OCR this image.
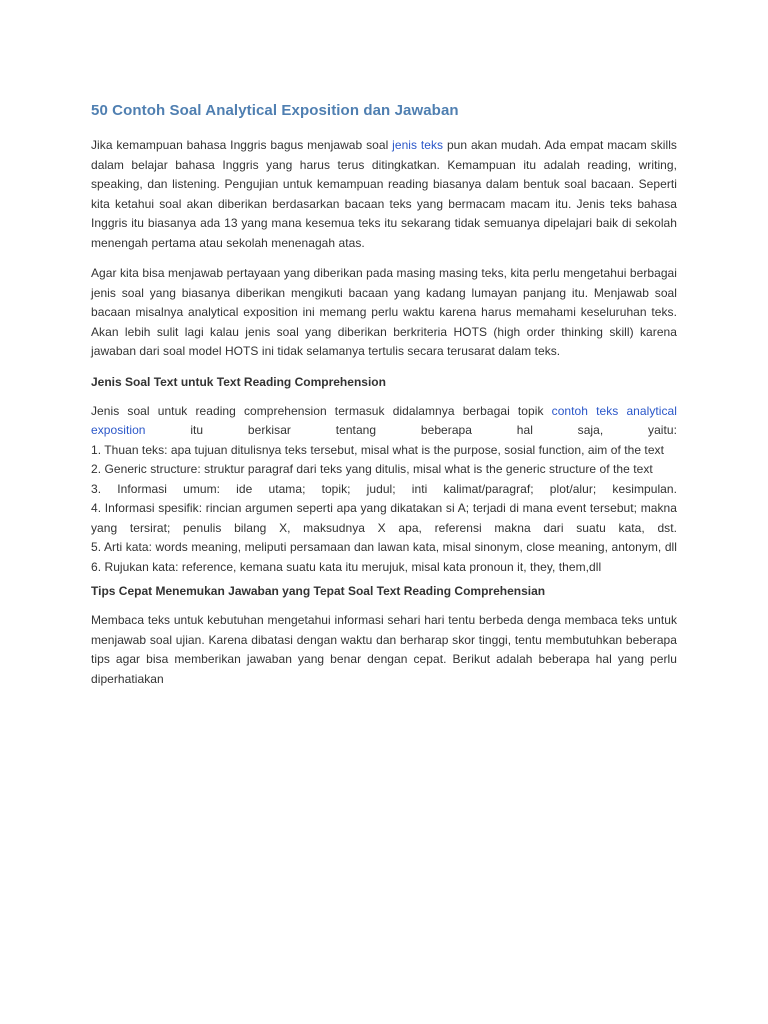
50 Contoh Soal Analytical Exposition dan Jawaban

Jika kemampuan bahasa Inggris bagus menjawab soal jenis teks pun akan mudah. Ada empat macam skills dalam belajar bahasa Inggris yang harus terus ditingkatkan. Kemampuan itu adalah reading, writing, speaking, dan listening. Pengujian untuk kemampuan reading biasanya dalam bentuk soal bacaan. Seperti kita ketahui soal akan diberikan berdasarkan bacaan teks yang bermacam macam itu. Jenis teks bahasa Inggris itu biasanya ada 13 yang mana kesemua teks itu sekarang tidak semuanya dipelajari baik di sekolah menengah pertama atau sekolah menenagah atas.

Agar kita bisa menjawab pertayaan yang diberikan pada masing masing teks, kita perlu mengetahui berbagai jenis soal yang biasanya diberikan mengikuti bacaan yang kadang lumayan panjang itu. Menjawab soal bacaan misalnya analytical exposition ini memang perlu waktu karena harus memahami keseluruhan teks. Akan lebih sulit lagi kalau jenis soal yang diberikan berkriteria HOTS (high order thinking skill) karena jawaban dari soal model HOTS ini tidak selamanya tertulis secara terusarat dalam teks.

Jenis Soal Text untuk Text Reading Comprehension

Jenis soal untuk reading comprehension termasuk didalamnya berbagai topik contoh teks analytical exposition	itu berkisar tentang beberapa hal saja, yaitu:

1. Thuan teks: apa tujuan ditulisnya teks tersebut, misal what is the purpose, sosial function, aim of the text

2. Generic structure: struktur paragraf dari teks yang ditulis, misal what is the generic structure of the text

3. Informasi umum: ide utama; topik; judul; inti kalimat/paragraf; plot/alur; kesimpulan.

4. Informasi spesifik: rincian argumen seperti apa yang dikatakan si A; terjadi di mana event tersebut; makna yang tersirat; penulis bilang X, maksudnya X apa, referensi makna dari suatu kata, dst.

5. Arti kata: words meaning, meliputi persamaan dan lawan kata, misal sinonym, close meaning, antonym, dll

6. Rujukan kata: reference, kemana suatu kata itu merujuk, misal kata pronoun it, they, them,dll

Tips Cepat Menemukan Jawaban yang Tepat Soal Text Reading Comprehensian

Membaca teks untuk kebutuhan mengetahui informasi sehari hari tentu berbeda denga membaca teks untuk menjawab soal ujian. Karena dibatasi dengan waktu dan berharap skor tinggi, tentu membutuhkan beberapa tips agar bisa memberikan jawaban yang benar dengan cepat. Berikut adalah beberapa hal yang perlu diperhatiakan
